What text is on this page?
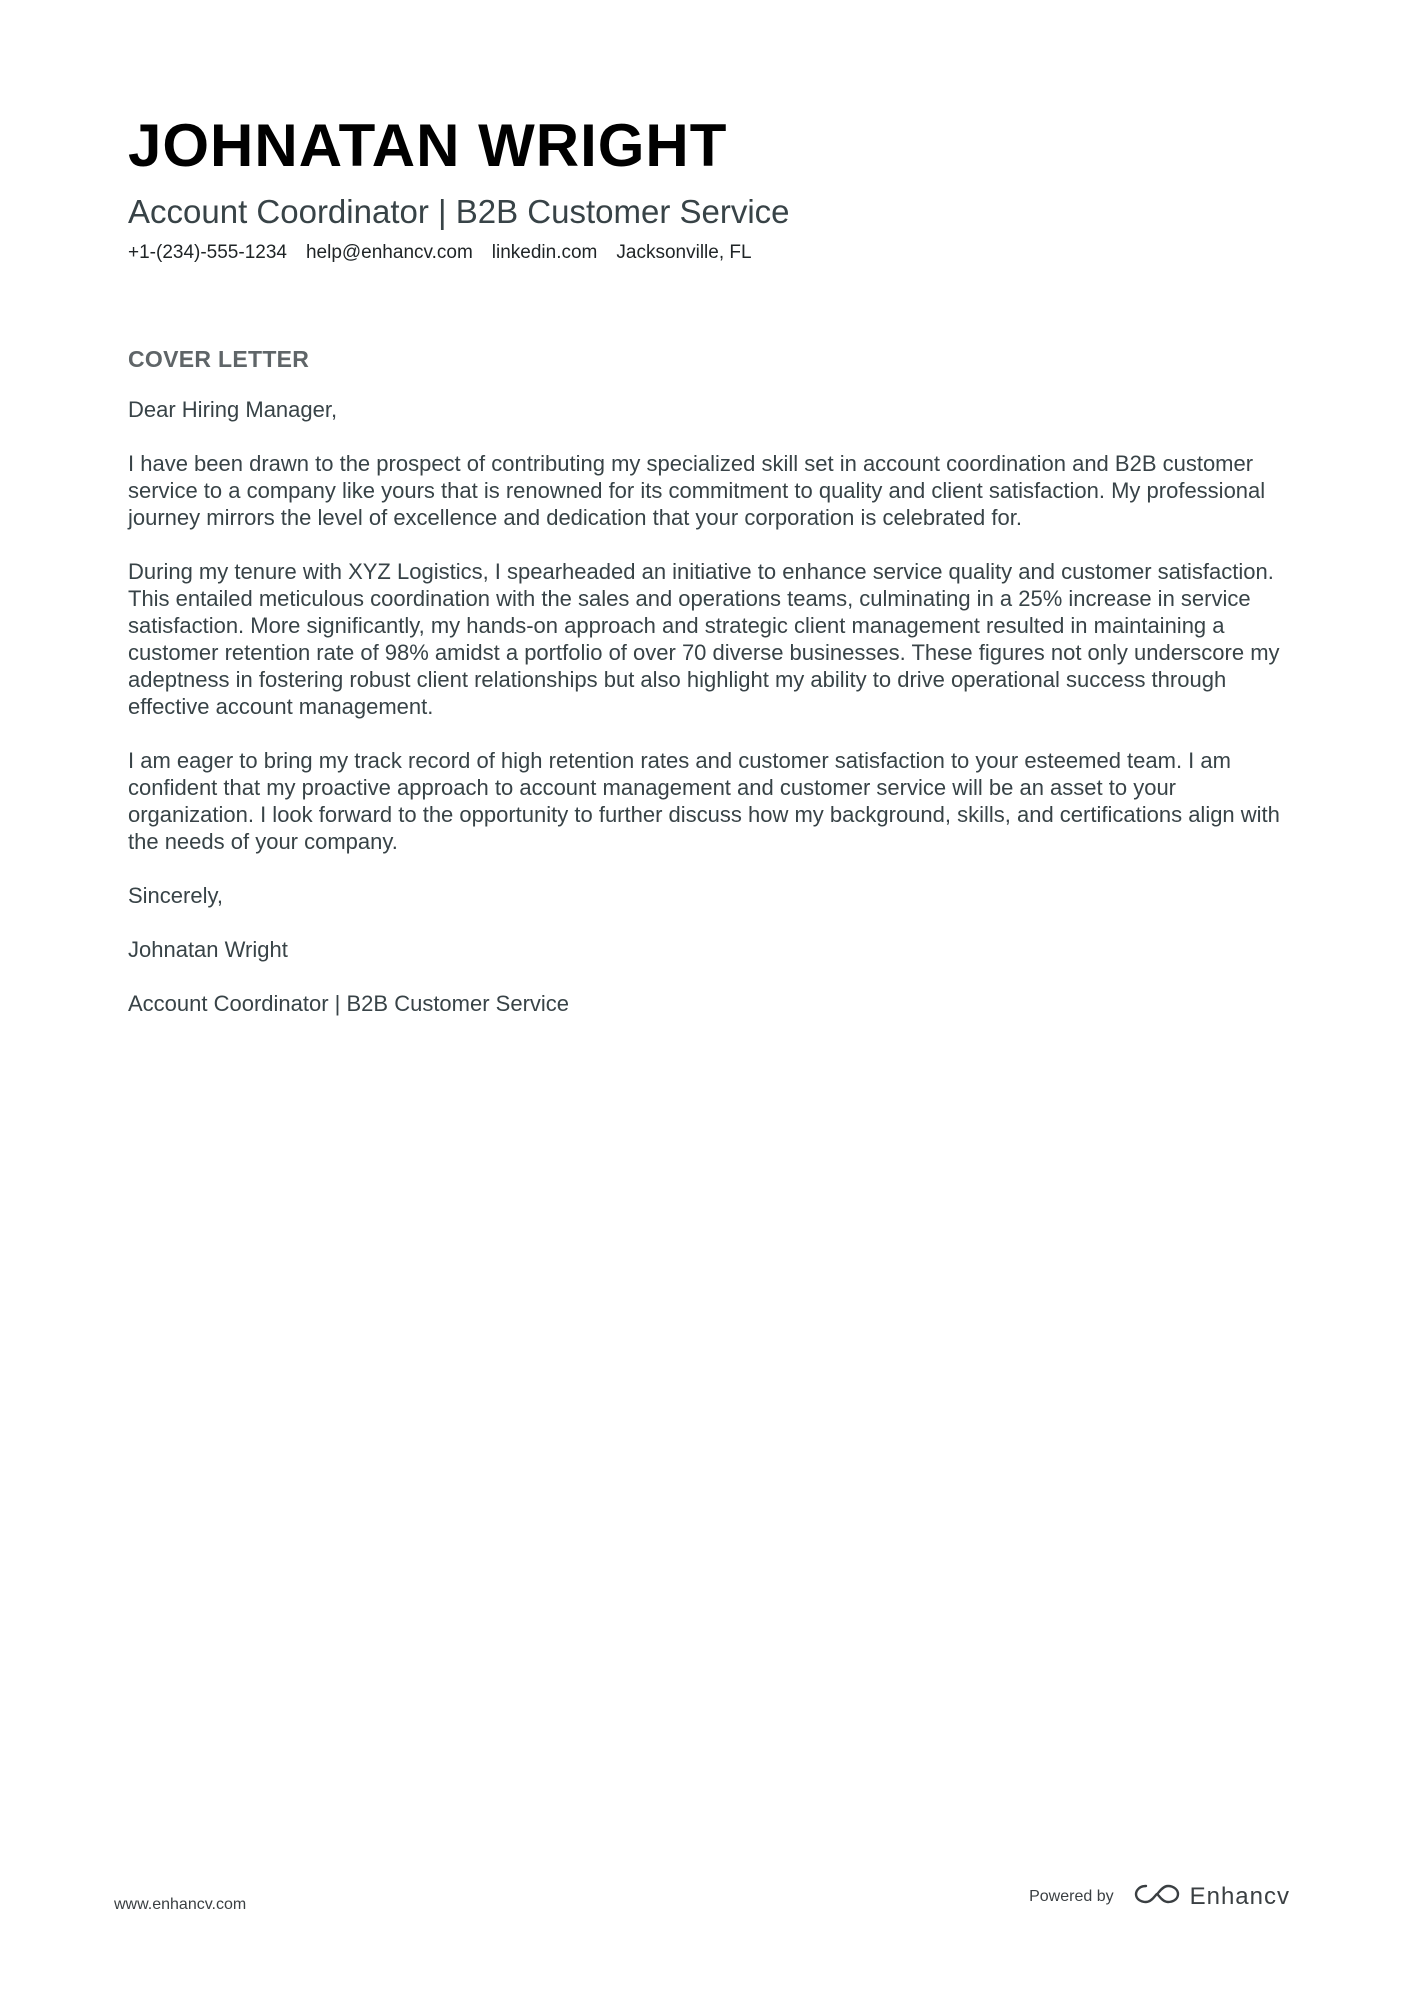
JOHNATAN WRIGHT
Account Coordinator | B2B Customer Service
+1-(234)-555-1234 help@enhancv.com linkedin.com Jacksonville, FL
COVER LETTER

Dear Hiring Manager,

I have been drawn to the prospect of contributing my specialized skill set in account coordination and B2B customer service to a company like yours that is renowned for its commitment to quality and client satisfaction. My professional journey mirrors the level of excellence and dedication that your corporation is celebrated for.

During my tenure with XYZ Logistics, I spearheaded an initiative to enhance service quality and customer satisfaction. This entailed meticulous coordination with the sales and operations teams, culminating in a 25% increase in service satisfaction. More significantly, my hands-on approach and strategic client management resulted in maintaining a customer retention rate of 98% amidst a portfolio of over 70 diverse businesses. These figures not only underscore my adeptness in fostering robust client relationships but also highlight my ability to drive operational success through effective account management.

I am eager to bring my track record of high retention rates and customer satisfaction to your esteemed team. I am confident that my proactive approach to account management and customer service will be an asset to your organization. I look forward to the opportunity to further discuss how my background, skills, and certifications align with the needs of your company.

Sincerely,

Johnatan Wright

Account Coordinator | B2B Customer Service

www.enhancv.com	Powered by	Enhancv
